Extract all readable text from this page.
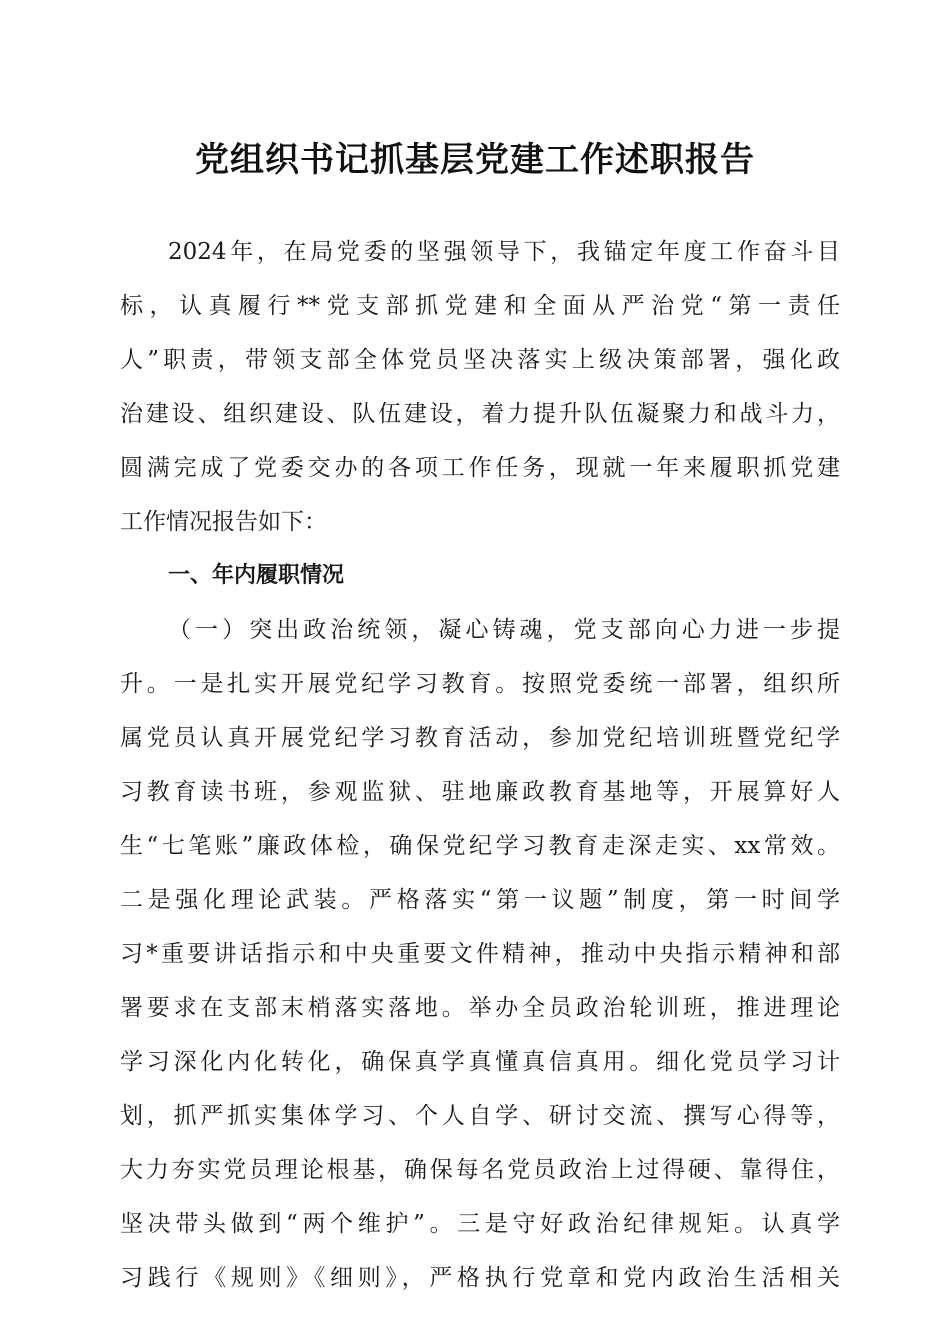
党组织书记抓基层党建工作述职报告
2024年，在局党委的坚强领导下，我锚定年度工作奋斗目
标，认真履行**党支部抓党建和全面从严治党“第一责任
人”职责，带领支部全体党员坚决落实上级决策部署，强化政
治建设、组织建设、队伍建设，着力提升队伍凝聚力和战斗力，
圆满完成了党委交办的各项工作任务，现就一年来履职抓党建
工作情况报告如下：
一、年内履职情况
（一）突出政治统领，凝心铸魂，党支部向心力进一步提
升。一是扎实开展党纪学习教育。按照党委统一部署，组织所
属党员认真开展党纪学习教育活动，参加党纪培训班暨党纪学
习教育读书班，参观监狱、驻地廉政教育基地等，开展算好人
生“七笔账”廉政体检，确保党纪学习教育走深走实、xx常效。
二是强化理论武装。严格落实“第一议题”制度，第一时间学
习*重要讲话指示和中央重要文件精神，推动中央指示精神和部
署要求在支部末梢落实落地。举办全员政治轮训班，推进理论
学习深化内化转化，确保真学真懂真信真用。细化党员学习计
划，抓严抓实集体学习、个人自学、研讨交流、撰写心得等，
大力夯实党员理论根基，确保每名党员政治上过得硬、靠得住，
坚决带头做到“两个维护”。三是守好政治纪律规矩。认真学
习践行《规则》《细则》，严格执行党章和党内政治生活相关
